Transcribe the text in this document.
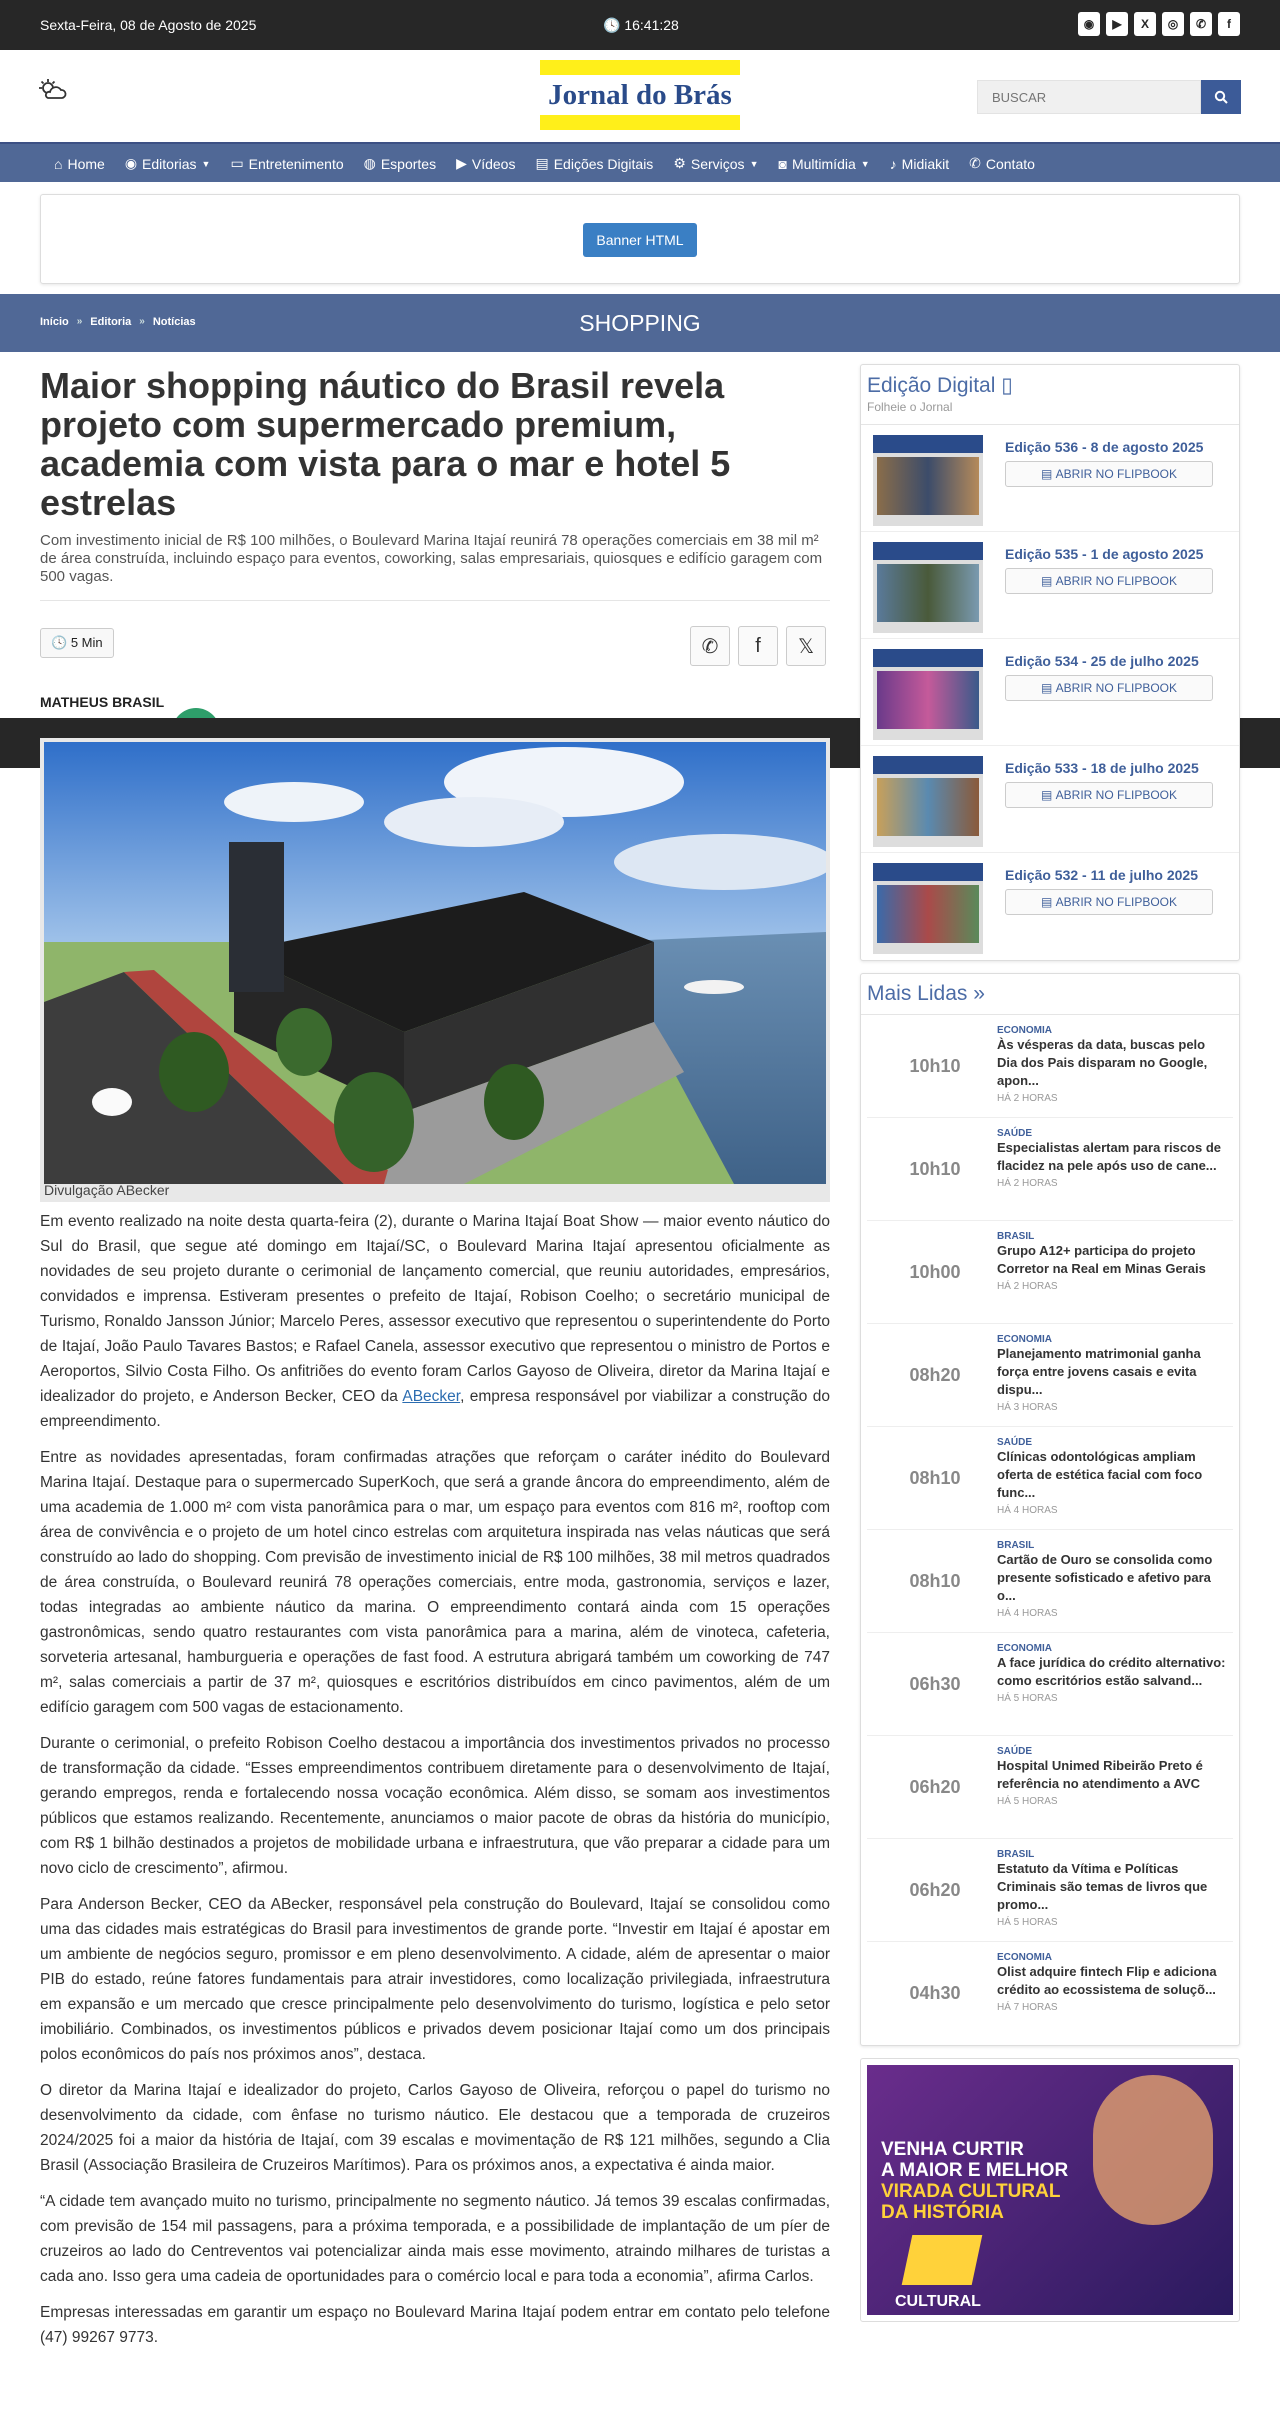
Sexta-Feira, 08 de Agosto de 2025	🕓 16:41:28	◉	▶	X	◎	✆	f
Jornal do Brás
BUSCAR
⌂ Home ◉ Editorias ▼ ▭ Entretenimento ◍ Esportes ▶ Vídeos ▤ Edições Digitais ⚙ Serviços ▼ ◙ Multimídia ▼ ♪ Midiakit ✆ Contato
Banner HTML
SHOPPING
Início » Editoria » Notícias
Maior shopping náutico do Brasil revela projeto com supermercado premium, academia com vista para o mar e hotel 5 estrelas

Com investimento inicial de R$ 100 milhões, o Boulevard Marina Itajaí reunirá 78 operações comerciais em 38 mil m² de área construída, incluindo espaço para eventos, coworking, salas empresariais, quiosques e edifício garagem com 500 vagas.

🕓 5 Min	✆	f	𝕏
MATHEUS BRASIL
Divulgação ABecker

Em evento realizado na noite desta quarta-feira (2), durante o Marina Itajaí Boat Show — maior evento náutico do Sul do Brasil, que segue até domingo em Itajaí/SC, o Boulevard Marina Itajaí apresentou oficialmente as novidades de seu projeto durante o cerimonial de lançamento comercial, que reuniu autoridades, empresários, convidados e imprensa. Estiveram presentes o prefeito de Itajaí, Robison Coelho; o secretário municipal de Turismo, Ronaldo Jansson Júnior; Marcelo Peres, assessor executivo que representou o superintendente do Porto de Itajaí, João Paulo Tavares Bastos; e Rafael Canela, assessor executivo que representou o ministro de Portos e Aeroportos, Silvio Costa Filho. Os anfitriões do evento foram Carlos Gayoso de Oliveira, diretor da Marina Itajaí e idealizador do projeto, e Anderson Becker, CEO da ABecker, empresa responsável por viabilizar a construção do empreendimento.

Entre as novidades apresentadas, foram confirmadas atrações que reforçam o caráter inédito do Boulevard Marina Itajaí. Destaque para o supermercado SuperKoch, que será a grande âncora do empreendimento, além de uma academia de 1.000 m² com vista panorâmica para o mar, um espaço para eventos com 816 m², rooftop com área de convivência e o projeto de um hotel cinco estrelas com arquitetura inspirada nas velas náuticas que será construído ao lado do shopping. Com previsão de investimento inicial de R$ 100 milhões, 38 mil metros quadrados de área construída, o Boulevard reunirá 78 operações comerciais, entre moda, gastronomia, serviços e lazer, todas integradas ao ambiente náutico da marina. O empreendimento contará ainda com 15 operações gastronômicas, sendo quatro restaurantes com vista panorâmica para a marina, além de vinoteca, cafeteria, sorveteria artesanal, hamburgueria e operações de fast food. A estrutura abrigará também um coworking de 747 m², salas comerciais a partir de 37 m², quiosques e escritórios distribuídos em cinco pavimentos, além de um edifício garagem com 500 vagas de estacionamento.

Durante o cerimonial, o prefeito Robison Coelho destacou a importância dos investimentos privados no processo de transformação da cidade. “Esses empreendimentos contribuem diretamente para o desenvolvimento de Itajaí, gerando empregos, renda e fortalecendo nossa vocação econômica. Além disso, se somam aos investimentos públicos que estamos realizando. Recentemente, anunciamos o maior pacote de obras da história do município, com R$ 1 bilhão destinados a projetos de mobilidade urbana e infraestrutura, que vão preparar a cidade para um novo ciclo de crescimento”, afirmou.

Para Anderson Becker, CEO da ABecker, responsável pela construção do Boulevard, Itajaí se consolidou como uma das cidades mais estratégicas do Brasil para investimentos de grande porte. “Investir em Itajaí é apostar em um ambiente de negócios seguro, promissor e em pleno desenvolvimento. A cidade, além de apresentar o maior PIB do estado, reúne fatores fundamentais para atrair investidores, como localização privilegiada, infraestrutura em expansão e um mercado que cresce principalmente pelo desenvolvimento do turismo, logística e pelo setor imobiliário. Combinados, os investimentos públicos e privados devem posicionar Itajaí como um dos principais polos econômicos do país nos próximos anos”, destaca.

O diretor da Marina Itajaí e idealizador do projeto, Carlos Gayoso de Oliveira, reforçou o papel do turismo no desenvolvimento da cidade, com ênfase no turismo náutico. Ele destacou que a temporada de cruzeiros 2024/2025 foi a maior da história de Itajaí, com 39 escalas e movimentação de R$ 121 milhões, segundo a Clia Brasil (Associação Brasileira de Cruzeiros Marítimos). Para os próximos anos, a expectativa é ainda maior.

“A cidade tem avançado muito no turismo, principalmente no segmento náutico. Já temos 39 escalas confirmadas, com previsão de 154 mil passagens, para a próxima temporada, e a possibilidade de implantação de um píer de cruzeiros ao lado do Centreventos vai potencializar ainda mais esse movimento, atraindo milhares de turistas a cada ano. Isso gera uma cadeia de oportunidades para o comércio local e para toda a economia”, afirma Carlos.

Empresas interessadas em garantir um espaço no Boulevard Marina Itajaí podem entrar em contato pelo telefone (47) 99267 9773.

Edição Digital ▯
Folheie o Jornal
Edição 536 - 8 de agosto 2025
▤
ABRIR NO FLIPBOOK
Edição 535 - 1 de agosto 2025
▤
ABRIR NO FLIPBOOK
Edição 534 - 25 de julho 2025
▤
ABRIR NO FLIPBOOK
Edição 533 - 18 de julho 2025
▤
ABRIR NO FLIPBOOK
Edição 532 - 11 de julho 2025
▤
ABRIR NO FLIPBOOK
Mais Lidas »
10h10
ECONOMIA
Às vésperas da data, buscas pelo Dia dos Pais disparam no Google, apon...
HÁ 2 HORAS
10h10
SAÚDE
Especialistas alertam para riscos de flacidez na pele após uso de cane...
HÁ 2 HORAS
10h00
BRASIL
Grupo A12+ participa do projeto Corretor na Real em Minas Gerais
HÁ 2 HORAS
08h20
ECONOMIA
Planejamento matrimonial ganha força entre jovens casais e evita dispu...
HÁ 3 HORAS
08h10
SAÚDE
Clínicas odontológicas ampliam oferta de estética facial com foco func...
HÁ 4 HORAS
08h10
BRASIL
Cartão de Ouro se consolida como presente sofisticado e afetivo para o...
HÁ 4 HORAS
06h30
ECONOMIA
A face jurídica do crédito alternativo: como escritórios estão salvand...
HÁ 5 HORAS
06h20
SAÚDE
Hospital Unimed Ribeirão Preto é referência no atendimento a AVC
HÁ 5 HORAS
06h20
BRASIL
Estatuto da Vítima e Políticas Criminais são temas de livros que promo...
HÁ 5 HORAS
04h30
ECONOMIA
Olist adquire fintech Flip e adiciona crédito ao ecossistema de soluçõ...
HÁ 7 HORAS
VENHA CURTIR
A MAIOR E MELHOR
VIRADA CULTURAL
DA HISTÓRIA
CULTURAL
